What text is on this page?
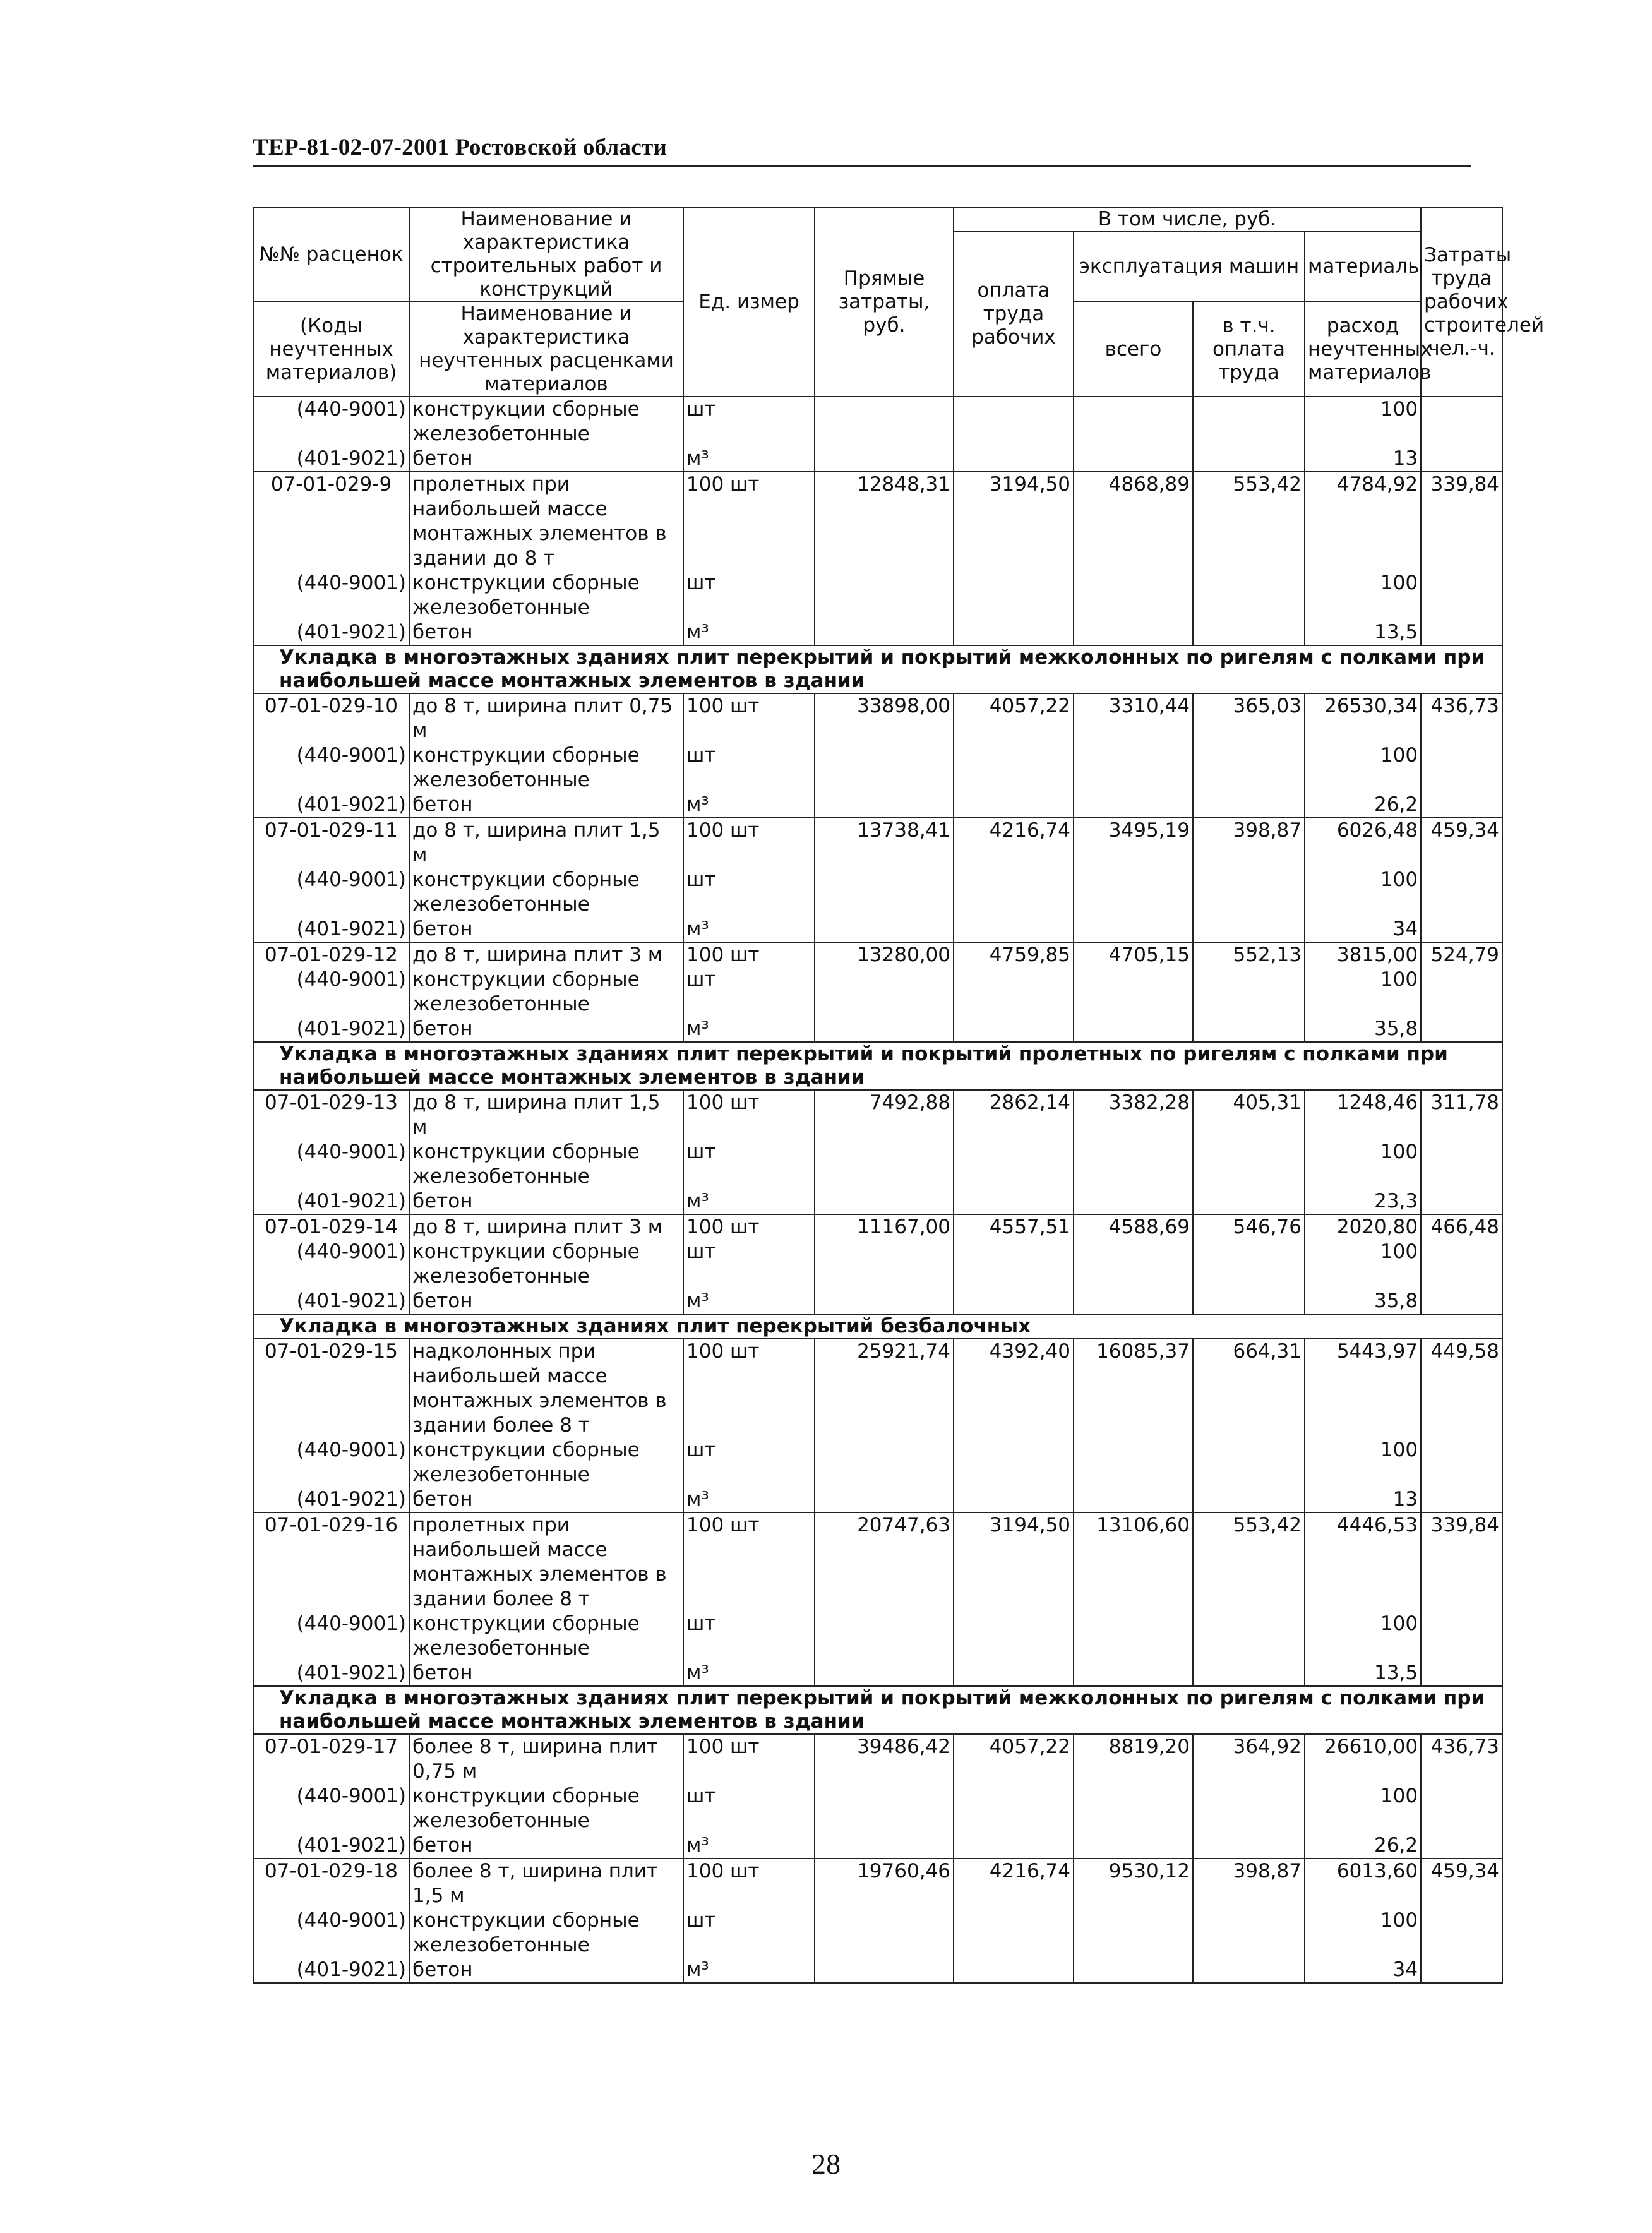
ТЕР-81-02-07-2001 Ростовской области
№№ расценок	Наименование и характеристика строительных работ и конструкций	Ед. измер	Прямые затраты, руб.	В том числе, руб.				Затраты труда рабочих строителей чел.-ч.
				оплата труда рабочих	эксплуатация машин		материалы	
(Коды неучтенных материалов)	Наименование и характеристика неучтенных расценками материалов				всего	в т.ч. оплата труда		
							расход неучтенных материалов	
(440-9001)	конструкции сборные железобетонные	шт					100	
(401-9021)	бетон	м³					13	
07-01-029-9	пролетных при наибольшей массе монтажных элементов в здании до 8 т	100 шт	12848,31	3194,50	4868,89	553,42	4784,92	339,84
(440-9001)	конструкции сборные железобетонные	шт					100	
(401-9021)	бетон	м³					13,5	
Укладка в многоэтажных зданиях плит перекрытий и покрытий межколонных по ригелям с полками при наибольшей массе монтажных элементов в здании								
07-01-029-10	до 8 т, ширина плит 0,75 м	100 шт	33898,00	4057,22	3310,44	365,03	26530,34	436,73
(440-9001)	конструкции сборные железобетонные	шт					100	
(401-9021)	бетон	м³					26,2	
07-01-029-11	до 8 т, ширина плит 1,5 м	100 шт	13738,41	4216,74	3495,19	398,87	6026,48	459,34
(440-9001)	конструкции сборные железобетонные	шт					100	
(401-9021)	бетон	м³					34	
07-01-029-12	до 8 т, ширина плит 3 м	100 шт	13280,00	4759,85	4705,15	552,13	3815,00	524,79
(440-9001)	конструкции сборные железобетонные	шт					100	
(401-9021)	бетон	м³					35,8	
Укладка в многоэтажных зданиях плит перекрытий и покрытий пролетных по ригелям с полками при наибольшей массе монтажных элементов в здании								
07-01-029-13	до 8 т, ширина плит 1,5 м	100 шт	7492,88	2862,14	3382,28	405,31	1248,46	311,78
(440-9001)	конструкции сборные железобетонные	шт					100	
(401-9021)	бетон	м³					23,3	
07-01-029-14	до 8 т, ширина плит 3 м	100 шт	11167,00	4557,51	4588,69	546,76	2020,80	466,48
(440-9001)	конструкции сборные железобетонные	шт					100	
(401-9021)	бетон	м³					35,8	
Укладка в многоэтажных зданиях плит перекрытий безбалочных								
07-01-029-15	надколонных при наибольшей массе монтажных элементов в здании более 8 т	100 шт	25921,74	4392,40	16085,37	664,31	5443,97	449,58
(440-9001)	конструкции сборные железобетонные	шт					100	
(401-9021)	бетон	м³					13	
07-01-029-16	пролетных при наибольшей массе монтажных элементов в здании более 8 т	100 шт	20747,63	3194,50	13106,60	553,42	4446,53	339,84
(440-9001)	конструкции сборные железобетонные	шт					100	
(401-9021)	бетон	м³					13,5	
Укладка в многоэтажных зданиях плит перекрытий и покрытий межколонных по ригелям с полками при наибольшей массе монтажных элементов в здании								
07-01-029-17	более 8 т, ширина плит 0,75 м	100 шт	39486,42	4057,22	8819,20	364,92	26610,00	436,73
(440-9001)	конструкции сборные железобетонные	шт					100	
(401-9021)	бетон	м³					26,2	
07-01-029-18	более 8 т, ширина плит 1,5 м	100 шт	19760,46	4216,74	9530,12	398,87	6013,60	459,34
(440-9001)	конструкции сборные железобетонные	шт					100	
(401-9021)	бетон	м³					34	
28
